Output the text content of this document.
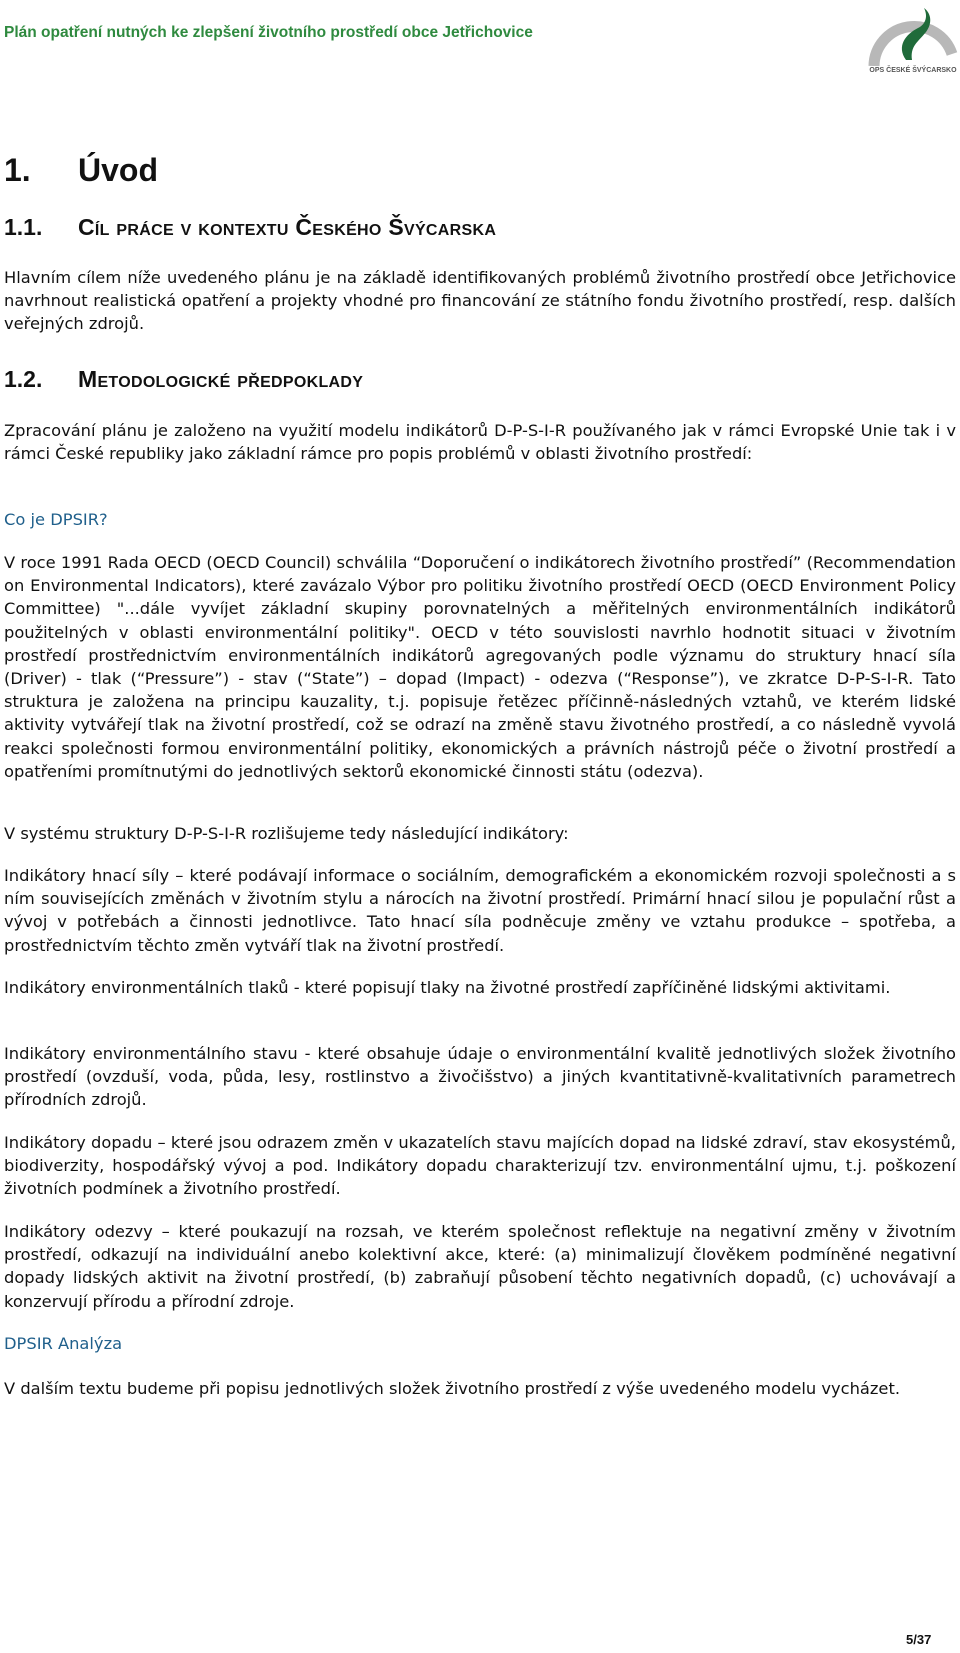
Plán opatření nutných ke zlepšení životního prostředí obce Jetřichovice
OPS ČESKÉ ŠVÝCARSKO
1. Úvod
1.1. Cíl práce v kontextu Českého Švýcarska

Hlavním cílem níže uvedeného plánu je na základě identifikovaných problémů životního prostředí obce Jetřichovice navrhnout realistická opatření a projekty vhodné pro financování ze státního fondu životního prostředí, resp. dalších veřejných zdrojů.

1.2. Metodologické předpoklady

Zpracování plánu je založeno na využití modelu indikátorů D-P-S-I-R používaného jak v rámci Evropské Unie tak i v rámci České republiky jako základní rámce pro popis problémů v oblasti životního prostředí:

Co je DPSIR?

V roce 1991 Rada OECD (OECD Council) schválila “Doporučení o indikátorech životního prostředí” (Recommendation on Environmental Indicators), které zavázalo Výbor pro politiku životního prostředí OECD (OECD Environment Policy Committee) "...dále vyvíjet základní skupiny porovnatelných a měřitelných environmentálních indikátorů použitelných v oblasti environmentální politiky". OECD v této souvislosti navrhlo hodnotit situaci v životním prostředí prostřednictvím environmentálních indikátorů agregovaných podle významu do struktury hnací síla (Driver) - tlak (“Pressure”) - stav (“State”) – dopad (Impact) - odezva (“Response”), ve zkratce D-P-S-I-R. Tato struktura je založena na principu kauzality, t.j. popisuje řetězec příčinně-následných vztahů, ve kterém lidské aktivity vytvářejí tlak na životní prostředí, což se odrazí na změně stavu životného prostředí, a co následně vyvolá reakci společnosti formou environmentální politiky, ekonomických a právních nástrojů péče o životní prostředí a opatřeními promítnutými do jednotlivých sektorů ekonomické činnosti státu (odezva).

V systému struktury D-P-S-I-R rozlišujeme tedy následující indikátory:

Indikátory hnací síly – které podávají informace o sociálním, demografickém a ekonomickém rozvoji společnosti a s ním souvisejících změnách v životním stylu a nárocích na životní prostředí. Primární hnací silou je populační růst a vývoj v potřebách a činnosti jednotlivce. Tato hnací síla podněcuje změny ve vztahu produkce – spotřeba, a prostřednictvím těchto změn vytváří tlak na životní prostředí.

Indikátory environmentálních tlaků - které popisují tlaky na životné prostředí zapříčiněné lidskými aktivitami.

Indikátory environmentálního stavu - které obsahuje údaje o environmentální kvalitě jednotlivých složek životního prostředí (ovzduší, voda, půda, lesy, rostlinstvo a živočišstvo) a jiných kvantitativně-kvalitativních parametrech přírodních zdrojů.

Indikátory dopadu – které jsou odrazem změn v ukazatelích stavu majících dopad na lidské zdraví, stav ekosystémů, biodiverzity, hospodářský vývoj a pod. Indikátory dopadu charakterizují tzv. environmentální ujmu, t.j. poškození životních podmínek a životního prostředí.

Indikátory odezvy – které poukazují na rozsah, ve kterém společnost reflektuje na negativní změny v životním prostředí, odkazují na individuální anebo kolektivní akce, které: (a) minimalizují člověkem podmíněné negativní dopady lidských aktivit na životní prostředí, (b) zabraňují působení těchto negativních dopadů, (c) uchovávají a konzervují přírodu a přírodní zdroje.

DPSIR Analýza

V dalším textu budeme při popisu jednotlivých složek životního prostředí z výše uvedeného modelu vycházet.

5/37
